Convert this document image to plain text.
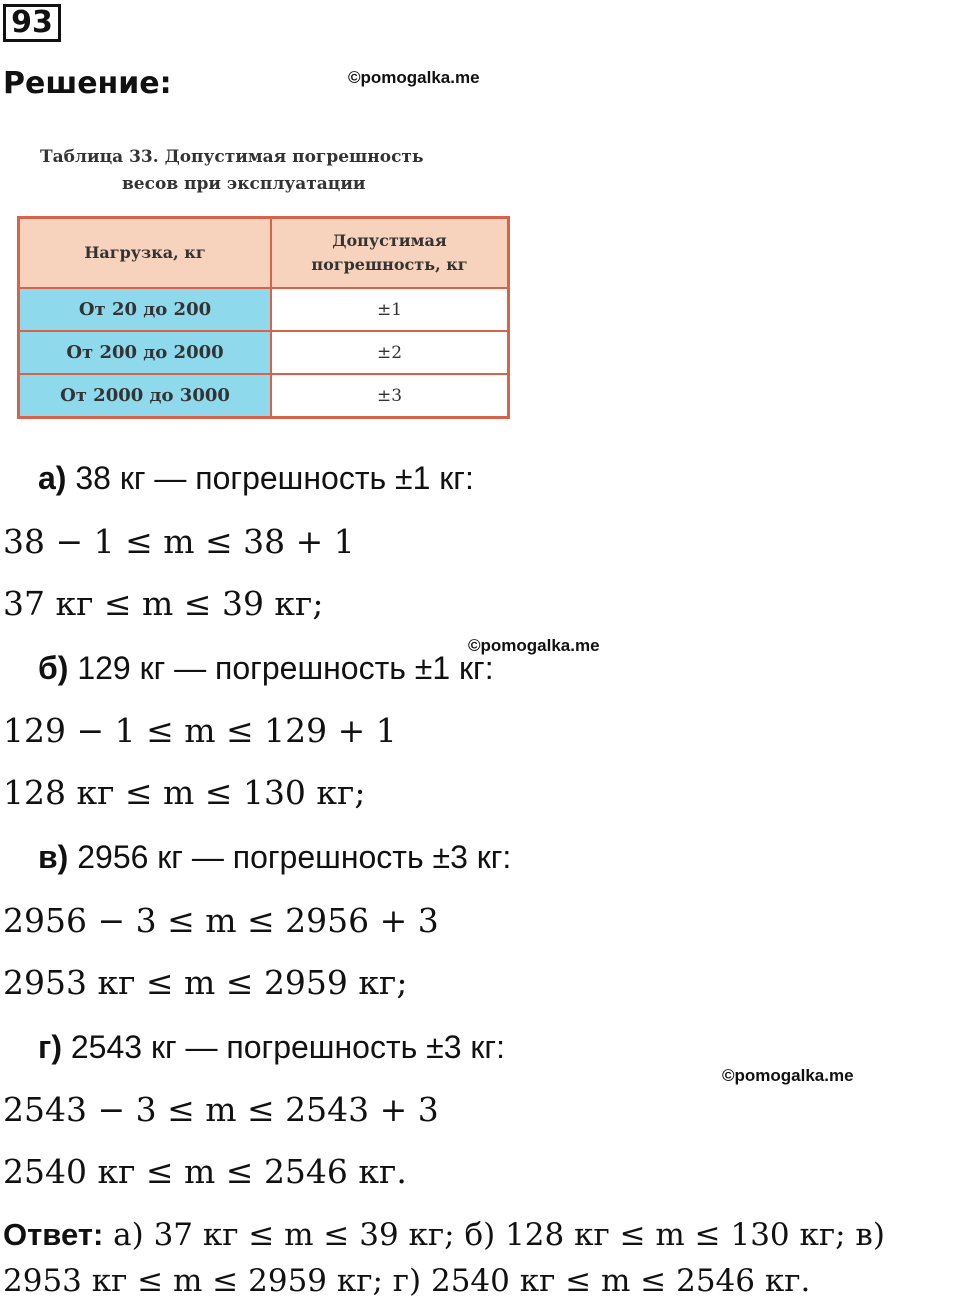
93
Решение:	©pomogalka.me
Таблица 33. Допустимая погрешность
весов при эксплуатации
Нагрузка, кг	Допустимая погрешность, кг
От 20 до 200	±1
От 200 до 2000	±2
От 2000 до 3000	±3
а) 38 кг — погрешность ±1 кг:
38 − 1 ≤ m ≤ 38 + 1
37 кг ≤ m ≤ 39 кг;
©pomogalka.me
б) 129 кг — погрешность ±1 кг:
129 − 1 ≤ m ≤ 129 + 1
128 кг ≤ m ≤ 130 кг;
в) 2956 кг — погрешность ±3 кг:
2956 − 3 ≤ m ≤ 2956 + 3
2953 кг ≤ m ≤ 2959 кг;
г) 2543 кг — погрешность ±3 кг:
©pomogalka.me
2543 − 3 ≤ m ≤ 2543 + 3
2540 кг ≤ m ≤ 2546 кг.
Ответ: а) 37 кг ≤ m ≤ 39 кг; б) 128 кг ≤ m ≤ 130 кг; в)
2953 кг ≤ m ≤ 2959 кг; г) 2540 кг ≤ m ≤ 2546 кг.
